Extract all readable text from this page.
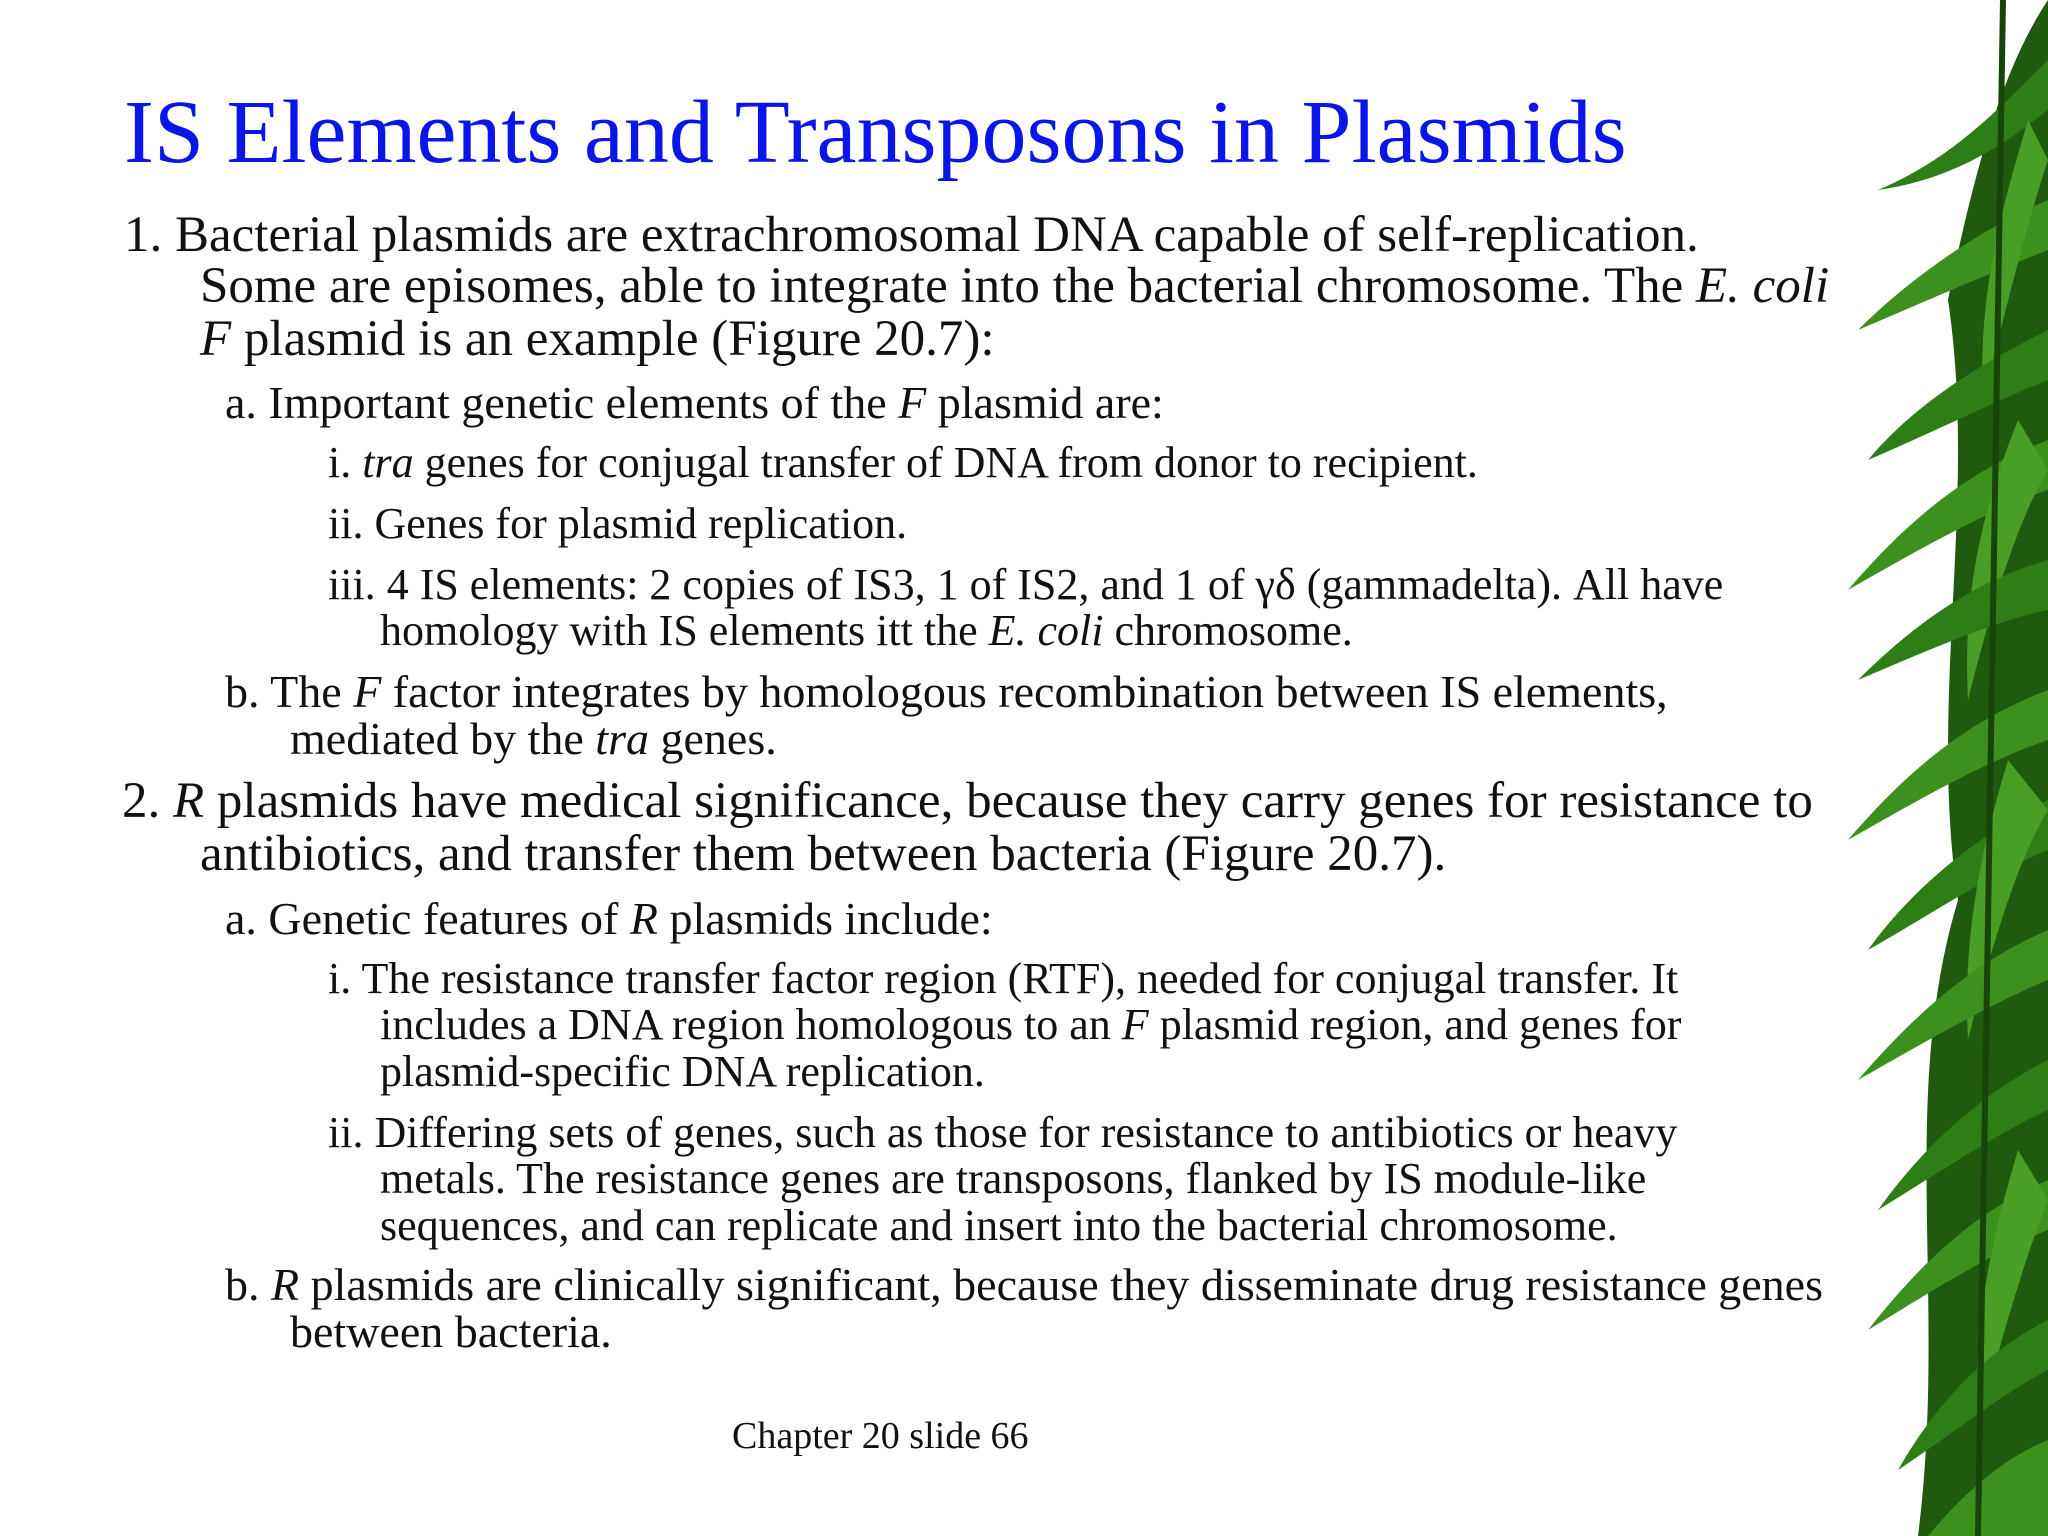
IS Elements and Transposons in Plasmids
1. Bacterial plasmids are extrachromosomal DNA capable of self-replication.
Some are episomes, able to integrate into the bacterial chromosome. The E. coli
F plasmid is an example (Figure 20.7):
a. Important genetic elements of the F plasmid are:
i. tra genes for conjugal transfer of DNA from donor to recipient.
ii. Genes for plasmid replication.
iii. 4 IS elements: 2 copies of IS3, 1 of IS2, and 1 of γδ (gammadelta). All have
homology with IS elements itt the E. coli chromosome.
b. The F factor integrates by homologous recombination between IS elements,
mediated by the tra genes.
2. R plasmids have medical significance, because they carry genes for resistance to
antibiotics, and transfer them between bacteria (Figure 20.7).
a. Genetic features of R plasmids include:
i. The resistance transfer factor region (RTF), needed for conjugal transfer. It
includes a DNA region homologous to an F plasmid region, and genes for
plasmid-specific DNA replication.
ii. Differing sets of genes, such as those for resistance to antibiotics or heavy
metals. The resistance genes are transposons, flanked by IS module-like
sequences, and can replicate and insert into the bacterial chromosome.
b. R plasmids are clinically significant, because they disseminate drug resistance genes
between bacteria.
Chapter 20 slide 66
